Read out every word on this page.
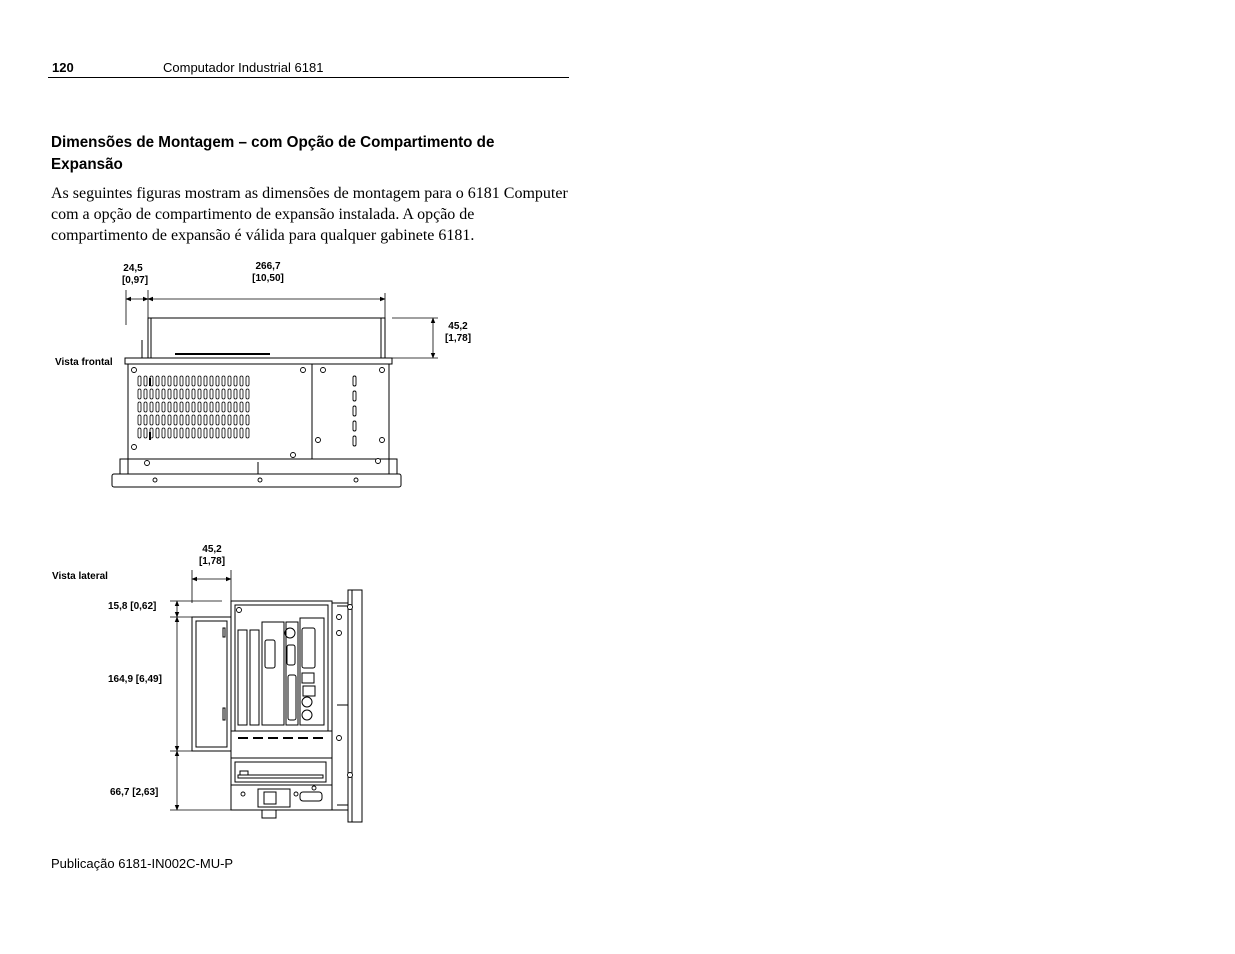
120	Computador Industrial 6181
Dimensões de Montagem – com Opção de Compartimento de Expansão
As seguintes figuras mostram as dimensões de montagem para o 6181 Computer com a opção de compartimento de expansão instalada. A opção de compartimento de expansão é válida para qualquer gabinete 6181.
24,5
[0,97]
266,7
[10,50]
45,2
[1,78]
Vista frontal
45,2
[1,78]
Vista lateral
15,8 [0,62]
164,9 [6,49]
66,7 [2,63]
Publicação 6181-IN002C-MU-P
